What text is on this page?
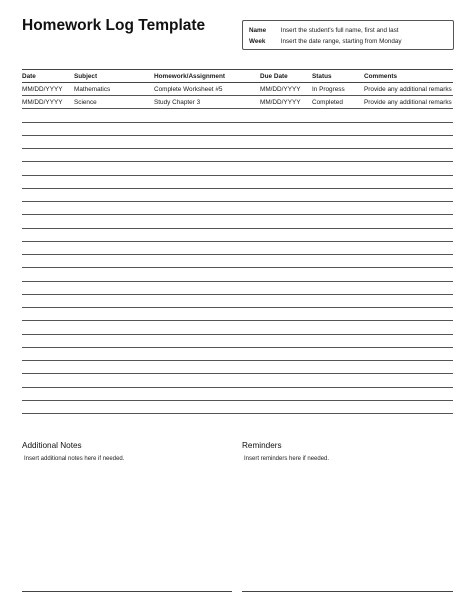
Homework Log Template	Name Insert the student's full name, first and last
Week Insert the date range, starting from Monday
Date	Subject	Homework/Assignment	Due Date	Status	Comments
MM/DD/YYYY Mathematics	Complete Worksheet #5	MM/DD/YYYY In Progress	Provide any additional remarks
MM/DD/YYYY Science	Study Chapter 3	MM/DD/YYYY Completed	Provide any additional remarks
Additional Notes
Insert additional notes here if needed.
Reminders
Insert reminders here if needed.
